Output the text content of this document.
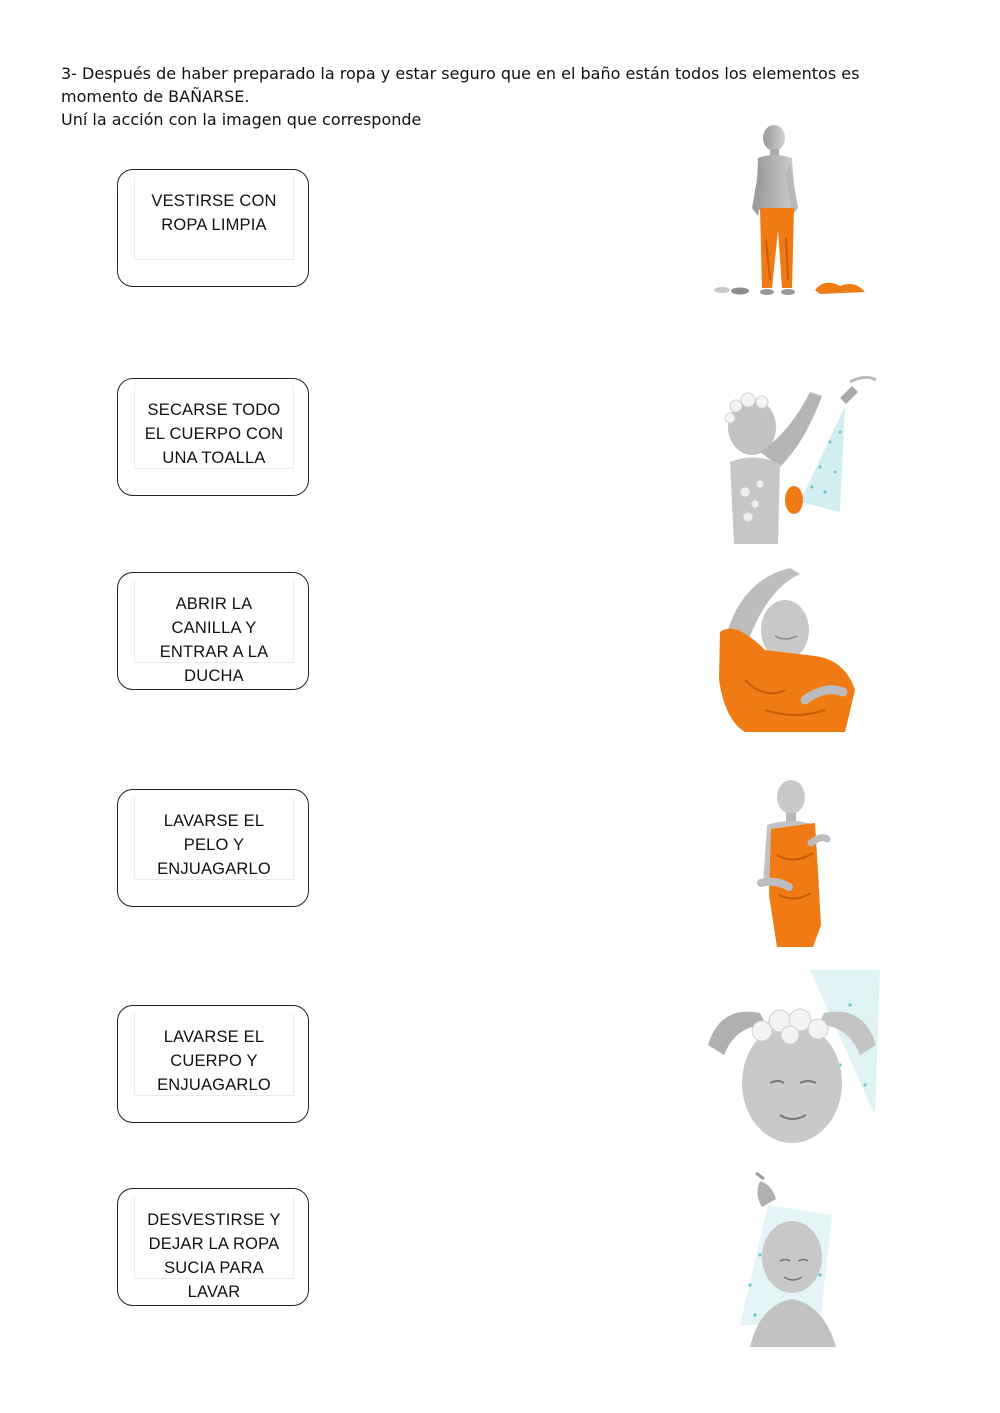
3- Después de haber preparado la ropa y estar seguro que en el baño están todos los elementos es
momento de BAÑARSE.
Uní la acción con la imagen que corresponde
VESTIRSE CON
ROPA LIMPIA
SECARSE TODO
EL CUERPO CON
UNA TOALLA
ABRIR LA
CANILLA Y
ENTRAR A LA
DUCHA
LAVARSE EL
PELO Y
ENJUAGARLO
LAVARSE EL
CUERPO Y
ENJUAGARLO
DESVESTIRSE Y
DEJAR LA ROPA
SUCIA PARA
LAVAR
